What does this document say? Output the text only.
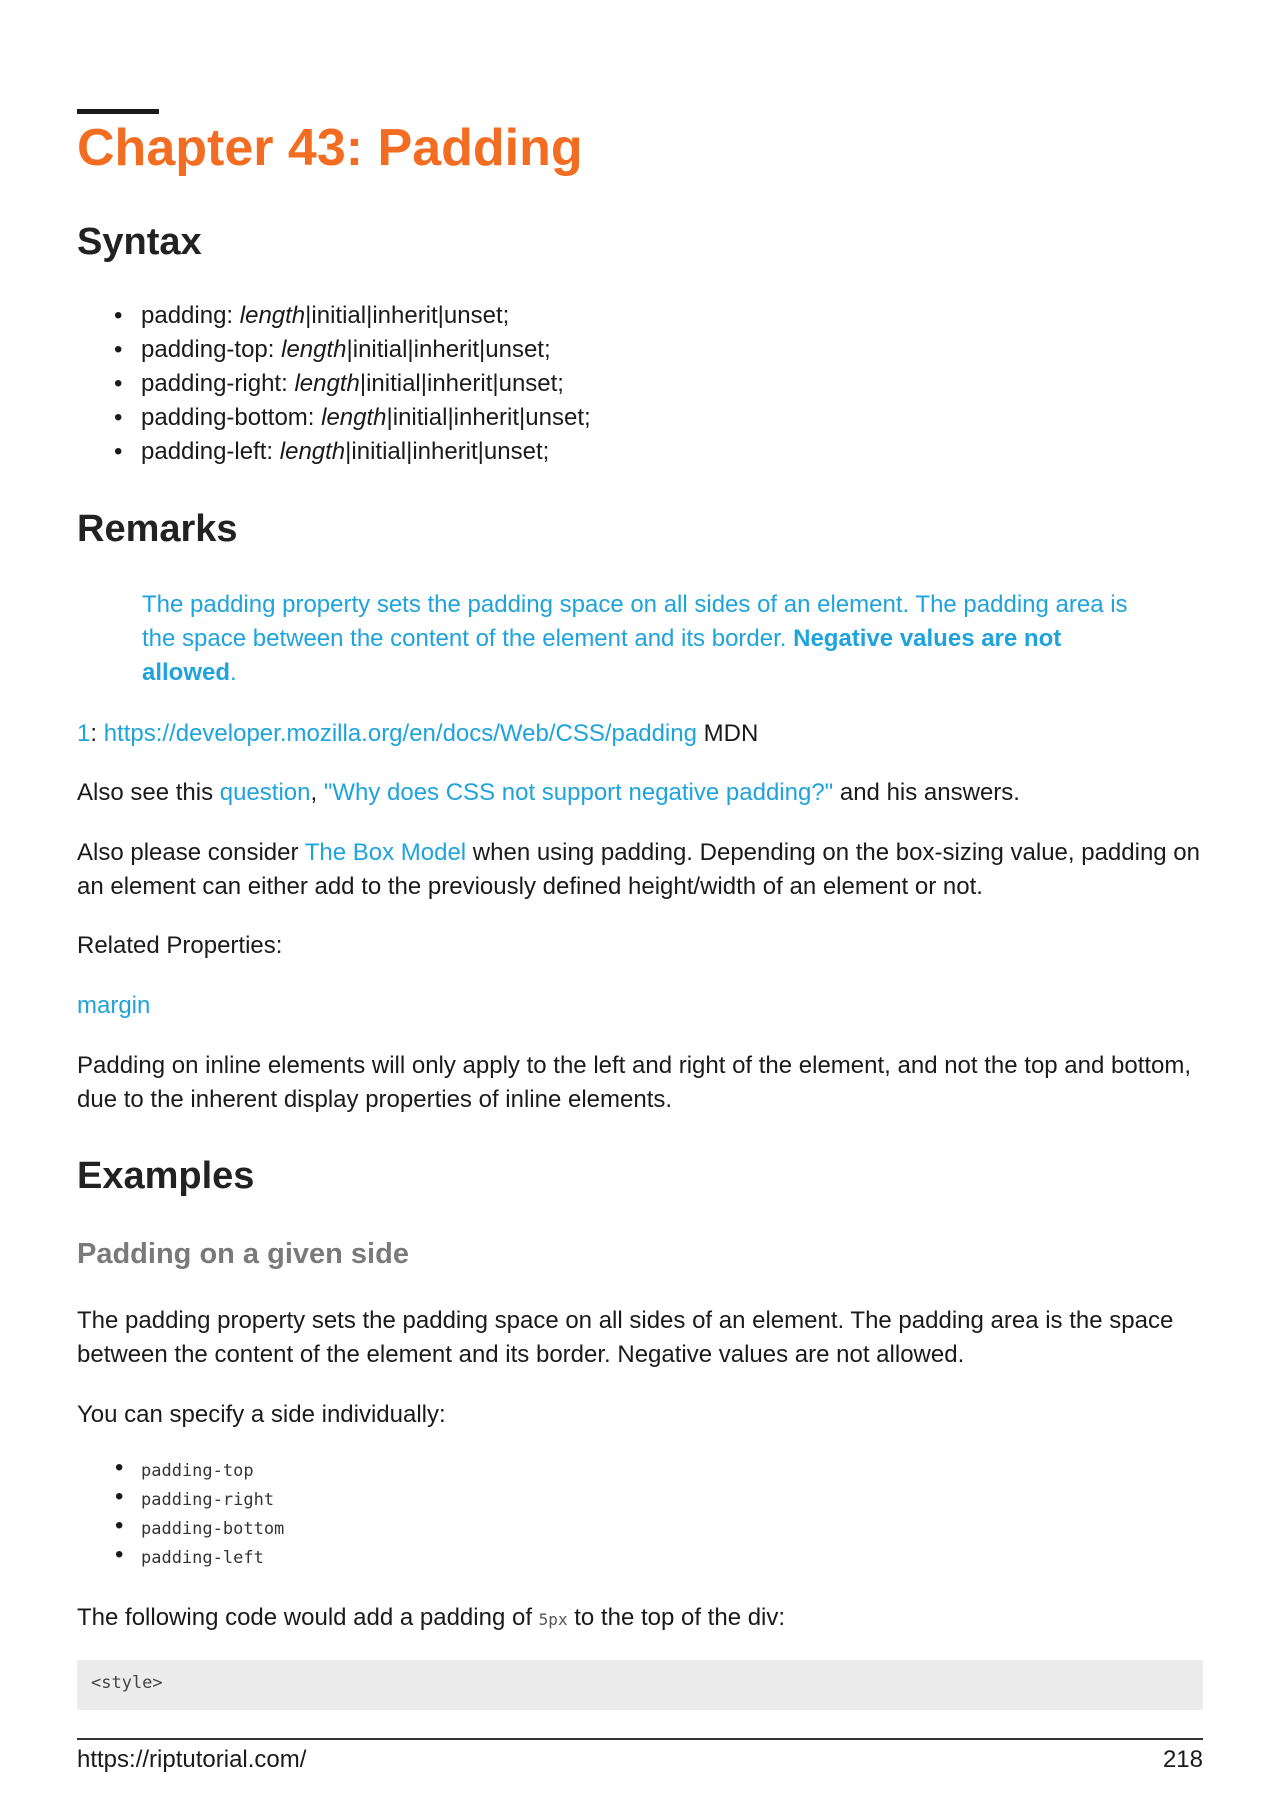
Chapter 43: Padding
Syntax
• padding: length|initial|inherit|unset;
• padding-top: length|initial|inherit|unset;
• padding-right: length|initial|inherit|unset;
• padding-bottom: length|initial|inherit|unset;
• padding-left: length|initial|inherit|unset;
Remarks

The padding property sets the padding space on all sides of an element. The padding area is the space between the content of the element and its border. Negative values are not allowed.

1: https://developer.mozilla.org/en/docs/Web/CSS/padding MDN

Also see this question, "Why does CSS not support negative padding?" and his answers.

Also please consider The Box Model when using padding. Depending on the box-sizing value, padding on an element can either add to the previously defined height/width of an element or not.

Related Properties:

margin

Padding on inline elements will only apply to the left and right of the element, and not the top and bottom, due to the inherent display properties of inline elements.

Examples
Padding on a given side

The padding property sets the padding space on all sides of an element. The padding area is the space between the content of the element and its border. Negative values are not allowed.

You can specify a side individually:

• padding-top
• padding-right
• padding-bottom
• padding-left

The following code would add a padding of 5px to the top of the div:

<style>
https://riptutorial.com/	218
